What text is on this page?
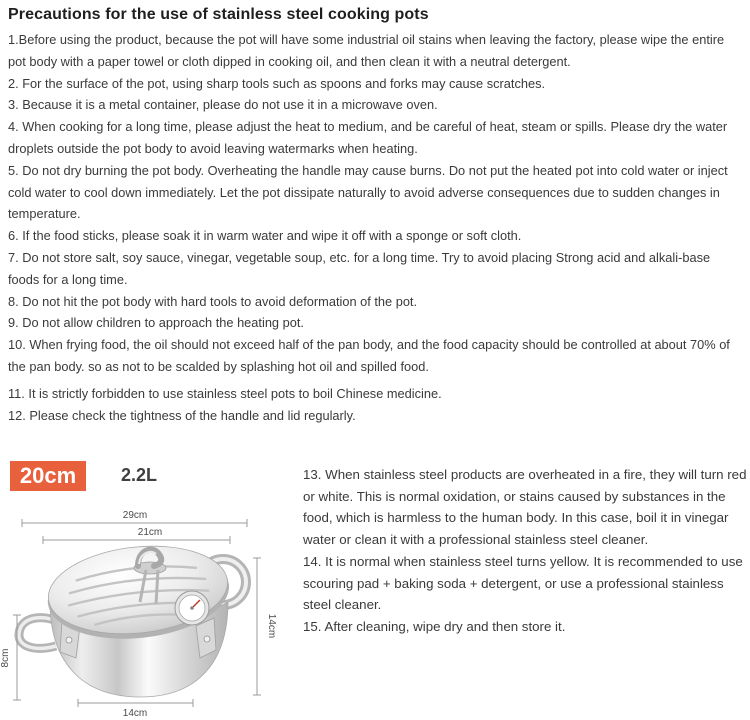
Precautions for the use of stainless steel cooking pots

1.Before using the product, because the pot will have some industrial oil stains when leaving the factory, please wipe the entire pot body with a paper towel or cloth dipped in cooking oil, and then clean it with a neutral detergent.

2. For the surface of the pot, using sharp tools such as spoons and forks may cause scratches.

3. Because it is a metal container, please do not use it in a microwave oven.

4. When cooking for a long time, please adjust the heat to medium, and be careful of heat, steam or spills. Please dry the water droplets outside the pot body to avoid leaving watermarks when heating.

5. Do not dry burning the pot body. Overheating the handle may cause burns. Do not put the heated pot into cold water or inject cold water to cool down immediately. Let the pot dissipate naturally to avoid adverse consequences due to sudden changes in temperature.

6. If the food sticks, please soak it in warm water and wipe it off with a sponge or soft cloth.

7. Do not store salt, soy sauce, vinegar, vegetable soup, etc. for a long time. Try to avoid placing Strong acid and alkali-base foods for a long time.

8. Do not hit the pot body with hard tools to avoid deformation of the pot.

9. Do not allow children to approach the heating pot.

10. When frying food, the oil should not exceed half of the pan body, and the food capacity should be controlled at about 70% of the pan body. so as not to be scalded by splashing hot oil and spilled food.

11. It is strictly forbidden to use stainless steel pots to boil Chinese medicine.

12. Please check the tightness of the handle and lid regularly.

20cm	2.2L
29cm
21cm
14cm
8cm
14cm

13. When stainless steel products are overheated in a fire, they will turn red or white. This is normal oxidation, or stains caused by substances in the food, which is harmless to the human body. In this case, boil it in vinegar water or clean it with a professional stainless steel cleaner.

14. It is normal when stainless steel turns yellow. It is recommended to use scouring pad + baking soda + detergent, or use a professional stainless steel cleaner.

15. After cleaning, wipe dry and then store it.
